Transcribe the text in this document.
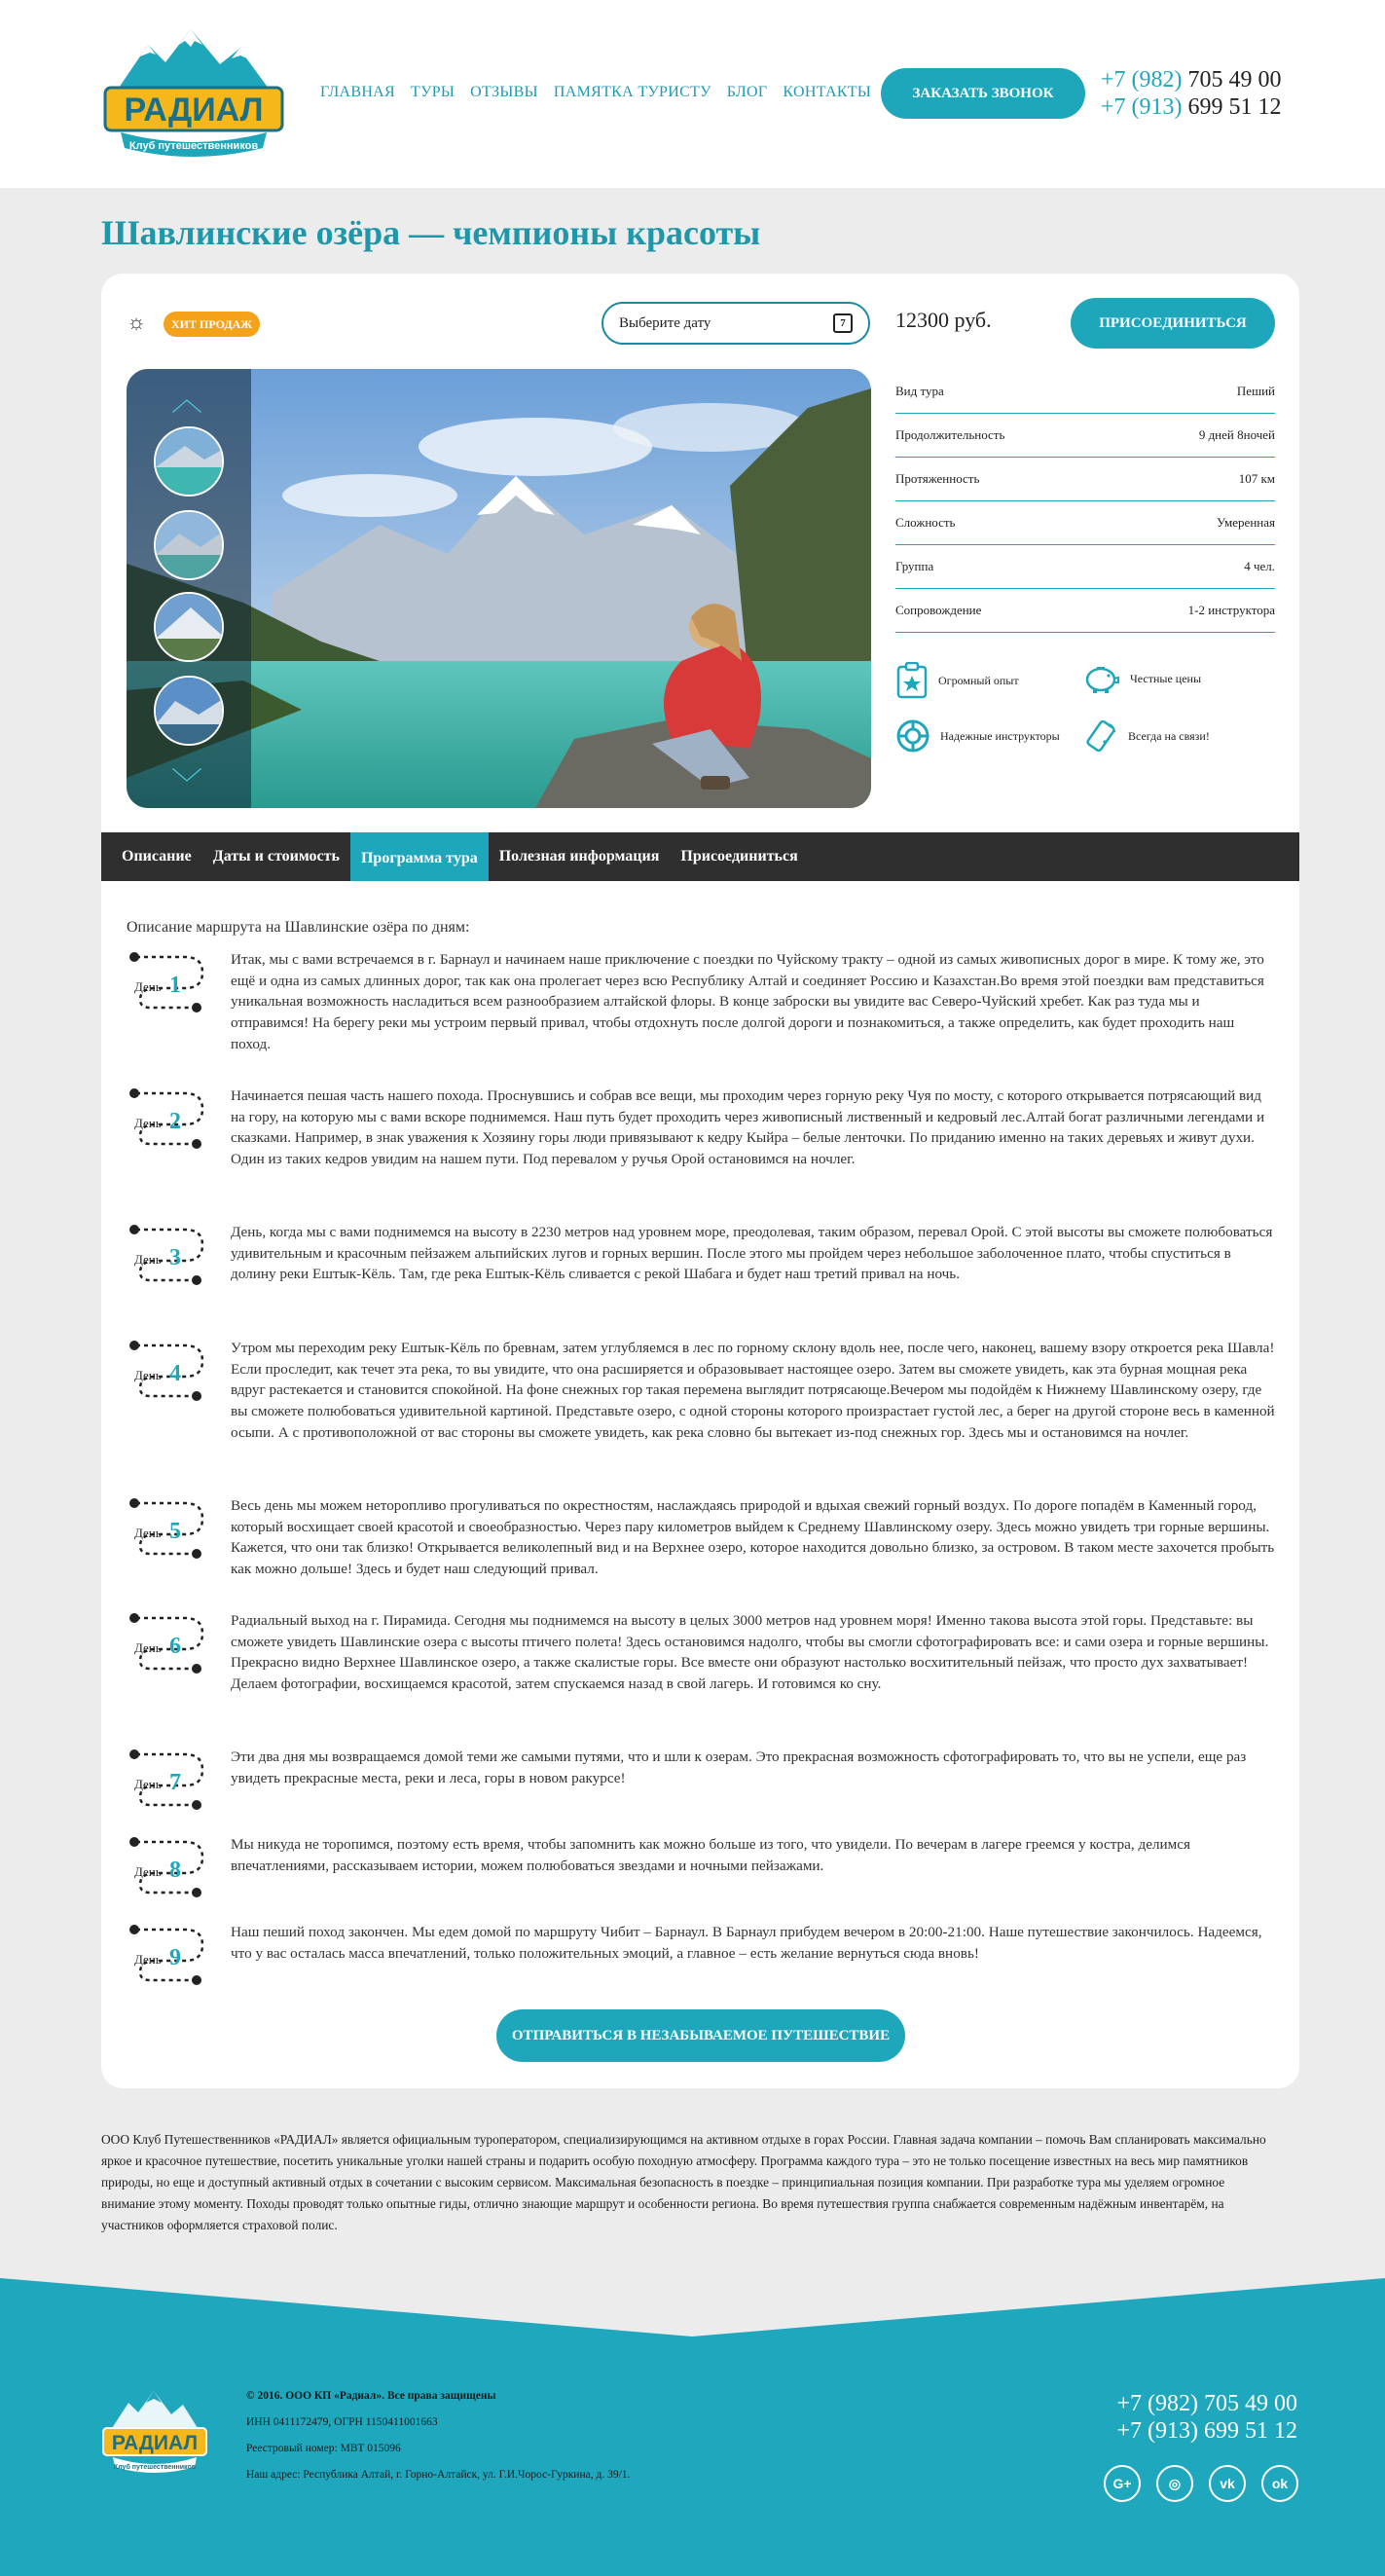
РАДИАЛ
Клуб путешественников
ГЛАВНАЯ ТУРЫ ОТЗЫВЫ ПАМЯТКА ТУРИСТУ БЛОГ КОНТАКТЫ	ЗАКАЗАТЬ ЗВОНОК
+7 (982) 705 49 00
+7 (913) 699 51 12
Шавлинские озёра — чемпионы красоты
☼	ХИТ ПРОДАЖ	Выберите дату	7	12300 руб.	ПРИСОЕДИНИТЬСЯ
︿
﹀
Вид тура	Пеший
Продолжительность	9 дней 8ночей
Протяженность	107 км
Сложность	Умеренная
Группа	4 чел.
Сопровождение	1-2 инструктора
Огромный опыт	Честные цены
Надежные инструкторы	Всегда на связи!
Описание	Даты и стоимость	Программа тура	Полезная информация	Присоединиться
Описание маршрута на Шавлинские озёра по дням:
День 1
Итак, мы с вами встречаемся в г. Барнаул и начинаем наше приключение с поездки по Чуйскому тракту – одной из самых живописных дорог в мире. К тому же, это ещё и одна из самых длинных дорог, так как она пролегает через всю Республику Алтай и соединяет Россию и Казахстан.Во время этой поездки вам представиться уникальная возможность насладиться всем разнообразием алтайской флоры. В конце заброски вы увидите вас Северо-Чуйский хребет. Как раз туда мы и отправимся! На берегу реки мы устроим первый привал, чтобы отдохнуть после долгой дороги и познакомиться, а также определить, как будет проходить наш поход.
День 2
Начинается пешая часть нашего похода. Проснувшись и собрав все вещи, мы проходим через горную реку Чуя по мосту, с которого открывается потрясающий вид на гору, на которую мы с вами вскоре поднимемся. Наш путь будет проходить через живописный лиственный и кедровый лес.Алтай богат различными легендами и сказками. Например, в знак уважения к Хозяину горы люди привязывают к кедру Кыйра – белые ленточки. По приданию именно на таких деревьях и живут духи. Один из таких кедров увидим на нашем пути. Под перевалом у ручья Орой остановимся на ночлег.
День 3
День, когда мы с вами поднимемся на высоту в 2230 метров над уровнем море, преодолевая, таким образом, перевал Орой. С этой высоты вы сможете полюбоваться удивительным и красочным пейзажем альпийских лугов и горных вершин. После этого мы пройдем через небольшое заболоченное плато, чтобы спуститься в долину реки Ештык-Кёль. Там, где река Ештык-Кёль сливается с рекой Шабага и будет наш третий привал на ночь.
День 4
Утром мы переходим реку Ештык-Кёль по бревнам, затем углубляемся в лес по горному склону вдоль нее, после чего, наконец, вашему взору откроется река Шавла! Если проследит, как течет эта река, то вы увидите, что она расширяется и образовывает настоящее озеро. Затем вы сможете увидеть, как эта бурная мощная река вдруг растекается и становится спокойной. На фоне снежных гор такая перемена выглядит потрясающе.Вечером мы подойдём к Нижнему Шавлинскому озеру, где вы сможете полюбоваться удивительной картиной. Представьте озеро, с одной стороны которого произрастает густой лес, а берег на другой стороне весь в каменной осыпи. А с противоположной от вас стороны вы сможете увидеть, как река словно бы вытекает из-под снежных гор. Здесь мы и остановимся на ночлег.
День 5
Весь день мы можем неторопливо прогуливаться по окрестностям, наслаждаясь природой и вдыхая свежий горный воздух. По дороге попадём в Каменный город, который восхищает своей красотой и своеобразностью. Через пару километров выйдем к Среднему Шавлинскому озеру. Здесь можно увидеть три горные вершины. Кажется, что они так близко! Открывается великолепный вид и на Верхнее озеро, которое находится довольно близко, за островом. В таком месте захочется пробыть как можно дольше! Здесь и будет наш следующий привал.
День 6
Радиальный выход на г. Пирамида. Сегодня мы поднимемся на высоту в целых 3000 метров над уровнем моря! Именно такова высота этой горы. Представьте: вы сможете увидеть Шавлинские озера с высоты птичего полета! Здесь остановимся надолго, чтобы вы смогли сфотографировать все: и сами озера и горные вершины. Прекрасно видно Верхнее Шавлинское озеро, а также скалистые горы. Все вместе они образуют настолько восхитительный пейзаж, что просто дух захватывает!Делаем фотографии, восхищаемся красотой, затем спускаемся назад в свой лагерь. И готовимся ко сну.
День 7
Эти два дня мы возвращаемся домой теми же самыми путями, что и шли к озерам. Это прекрасная возможность сфотографировать то, что вы не успели, еще раз увидеть прекрасные места, реки и леса, горы в новом ракурсе!
День 8
Мы никуда не торопимся, поэтому есть время, чтобы запомнить как можно больше из того, что увидели. По вечерам в лагере греемся у костра, делимся впечатлениями, рассказываем истории, можем полюбоваться звездами и ночными пейзажами.
День 9
Наш пеший поход закончен. Мы едем домой по маршруту Чибит – Барнаул. В Барнаул прибудем вечером в 20:00-21:00. Наше путешествие закончилось. Надеемся, что у вас осталась масса впечатлений, только положительных эмоций, а главное – есть желание вернуться сюда вновь!
ОТПРАВИТЬСЯ В НЕЗАБЫВАЕМОЕ ПУТЕШЕСТВИЕ
ООО Клуб Путешественников «РАДИАЛ» является официальным туроператором, специализирующимся на активном отдыхе в горах России. Главная задача компании – помочь Вам спланировать максимально яркое и красочное путешествие, посетить уникальные уголки нашей страны и подарить особую походную атмосферу. Программа каждого тура – это не только посещение известных на весь мир памятников природы, но еще и доступный активный отдых в сочетании с высоким сервисом. Максимальная безопасность в поездке – принципиальная позиция компании. При разработке тура мы уделяем огромное внимание этому моменту. Походы проводят только опытные гиды, отлично знающие маршрут и особенности региона. Во время путешествия группа снабжается современным надёжным инвентарём, на участников оформляется страховой полис.
РАДИАЛ
Клуб путешественников
© 2016. ООО КП «Радиал». Все права защищены
ИНН 0411172479, ОГРН 1150411001663
Реестровый номер: МВТ 015096
Наш адрес: Республика Алтай, г. Горно-Алтайск, ул. Г.И.Чорос-Гуркина, д. 39/1.
+7 (982) 705 49 00
+7 (913) 699 51 12
G+	◎	vk	ok
